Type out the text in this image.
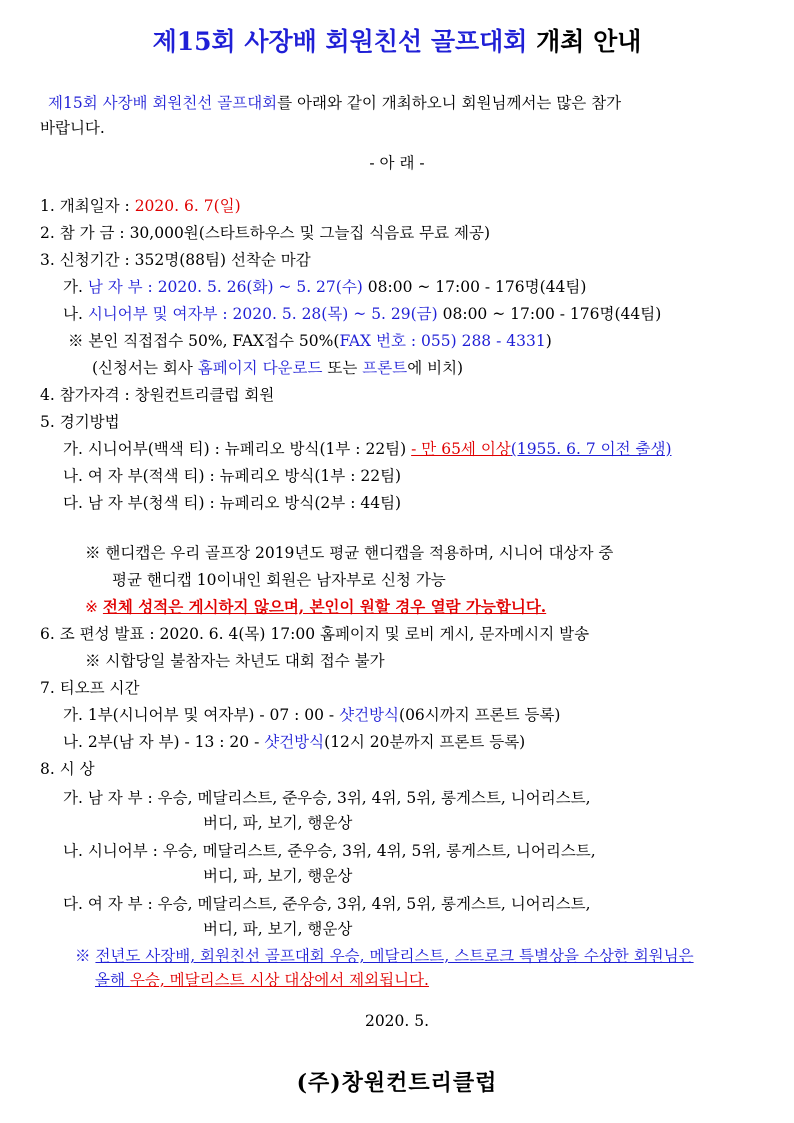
제15회 사장배 회원친선 골프대회 개최 안내
제15회 사장배 회원친선 골프대회를 아래와 같이 개최하오니 회원님께서는 많은 참가
바랍니다.
- 아 래 -
1. 개최일자 : 2020. 6. 7(일)
2. 참 가 금 : 30,000원(스타트하우스 및 그늘집 식음료 무료 제공)
3. 신청기간 : 352명(88팀) 선착순 마감
가. 남 자 부 : 2020. 5. 26(화) ~ 5. 27(수) 08:00 ~ 17:00 - 176명(44팀)
나. 시니어부 및 여자부 : 2020. 5. 28(목) ~ 5. 29(금) 08:00 ~ 17:00 - 176명(44팀)
※ 본인 직접접수 50%, FAX접수 50%(FAX 번호 : 055) 288 - 4331)
(신청서는 회사 홈페이지 다운로드 또는 프론트에 비치)
4. 참가자격 : 창원컨트리클럽 회원
5. 경기방법
가. 시니어부(백색 티) : 뉴페리오 방식(1부 : 22팀) - 만 65세 이상(1955. 6. 7 이전 출생)
나. 여 자 부(적색 티) : 뉴페리오 방식(1부 : 22팀)
다. 남 자 부(청색 티) : 뉴페리오 방식(2부 : 44팀)
※ 핸디캡은 우리 골프장 2019년도 평균 핸디캡을 적용하며, 시니어 대상자 중
평균 핸디캡 10이내인 회원은 남자부로 신청 가능
※ 전체 성적은 게시하지 않으며, 본인이 원할 경우 열람 가능합니다.
6. 조 편성 발표 : 2020. 6. 4(목) 17:00 홈페이지 및 로비 게시, 문자메시지 발송
※ 시합당일 불참자는 차년도 대회 접수 불가
7. 티오프 시간
가. 1부(시니어부 및 여자부) - 07 : 00 - 샷건방식(06시까지 프론트 등록)
나. 2부(남 자 부) - 13 : 20 - 샷건방식(12시 20분까지 프론트 등록)
8. 시 상
가. 남 자 부 : 우승, 메달리스트, 준우승, 3위, 4위, 5위, 롱게스트, 니어리스트,
버디, 파, 보기, 행운상
나. 시니어부 : 우승, 메달리스트, 준우승, 3위, 4위, 5위, 롱게스트, 니어리스트,
버디, 파, 보기, 행운상
다. 여 자 부 : 우승, 메달리스트, 준우승, 3위, 4위, 5위, 롱게스트, 니어리스트,
버디, 파, 보기, 행운상
※ 전년도 사장배, 회원친선 골프대회 우승, 메달리스트, 스트로크 특별상을 수상한 회원님은
올해 우승, 메달리스트 시상 대상에서 제외됩니다.
2020. 5.
(주)창원컨트리클럽
